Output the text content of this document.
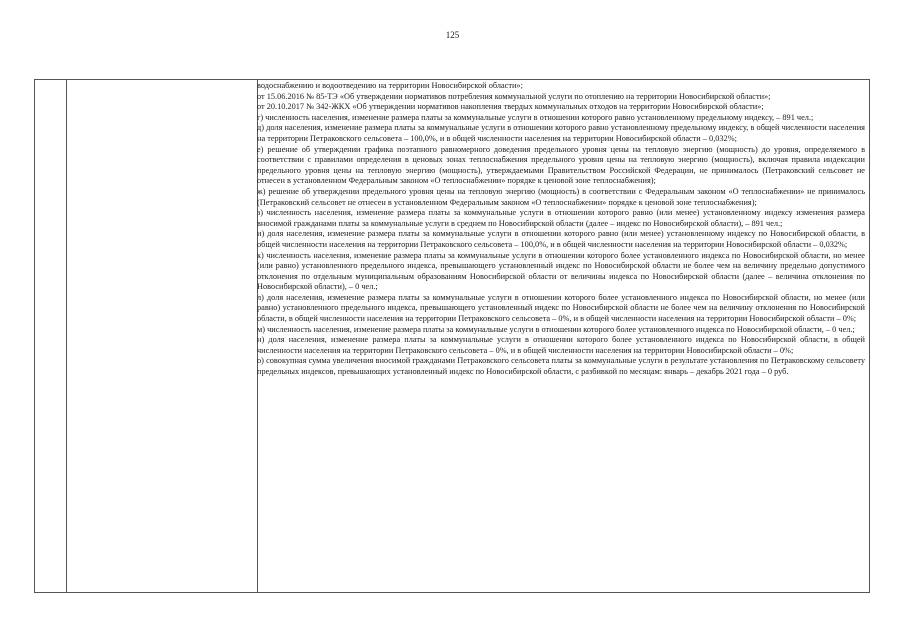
125

водоснабжению и водоотведению на территории Новосибирской области»;

от 15.06.2016 № 85-ТЭ «Об утверждении нормативов потребления коммунальной услуги по отоплению на территории Новосибирской области»;

от 20.10.2017 № 342-ЖКХ «Об утверждении нормативов накопления твердых коммунальных отходов на территории Новосибирской области»;

г) численность населения, изменение размера платы за коммунальные услуги в отношении которого равно установленному предельному индексу, – 891 чел.;

д) доля населения, изменение размера платы за коммунальные услуги в отношении которого равно установленному предельному индексу, в общей численности населения на территории Петраковского сельсовета – 100,0%, и в общей численности населения на территории Новосибирской области – 0,032%;

е) решение об утверждении графика поэтапного равномерного доведения предельного уровня цены на тепловую энергию (мощность) до уровня, определяемого в соответствии с правилами определения в ценовых зонах теплоснабжения предельного уровня цены на тепловую энергию (мощность), включая правила индексации предельного уровня цены на тепловую энергию (мощность), утверждаемыми Правительством Российской Федерации, не принималось (Петраковский сельсовет не отнесен в установленном Федеральным законом «О теплоснабжении» порядке к ценовой зоне теплоснабжения);

ж) решение об утверждении предельного уровня цены на тепловую энергию (мощность) в соответствии с Федеральным законом «О теплоснабжении» не принималось (Петраковский сельсовет не отнесен в установленном Федеральным законом «О теплоснабжении» порядке к ценовой зоне теплоснабжения);

з) численность населения, изменение размера платы за коммунальные услуги в отношении которого равно (или менее) установленному индексу изменения размера вносимой гражданами платы за коммунальные услуги в среднем по Новосибирской области (далее – индекс по Новосибирской области), – 891 чел.;

и) доля населения, изменение размера платы за коммунальные услуги в отношении которого равно (или менее) установленному индексу по Новосибирской области, в общей численности населения на территории Петраковского сельсовета – 100,0%, и в общей численности населения на территории Новосибирской области – 0,032%;

к) численность населения, изменение размера платы за коммунальные услуги в отношении которого более установленного индекса по Новосибирской области, но менее (или равно) установленного предельного индекса, превышающего установленный индекс по Новосибирской области не более чем на величину предельно допустимого отклонения по отдельным муниципальным образованиям Новосибирской области от величины индекса по Новосибирской области (далее – величина отклонения по Новосибирской области), – 0 чел.;

л) доля населения, изменение размера платы за коммунальные услуги в отношении которого более установленного индекса по Новосибирской области, но менее (или равно) установленного предельного индекса, превышающего установленный индекс по Новосибирской области не более чем на величину отклонения по Новосибирской области, в общей численности населения на территории Петраковского сельсовета – 0%, и в общей численности населения на территории Новосибирской области – 0%;

м) численность населения, изменение размера платы за коммунальные услуги в отношении которого более установленного индекса по Новосибирской области, – 0 чел.;

н) доля населения, изменение размера платы за коммунальные услуги в отношении которого более установленного индекса по Новосибирской области, в общей численности населения на территории Петраковского сельсовета – 0%, и в общей численности населения на территории Новосибирской области – 0%;

о) совокупная сумма увеличения вносимой гражданами Петраковского сельсовета платы за коммунальные услуги в результате установления по Петраковскому сельсовету предельных индексов, превышающих установленный индекс по Новосибирской области, с разбивкой по месяцам: январь – декабрь 2021 года – 0 руб.
